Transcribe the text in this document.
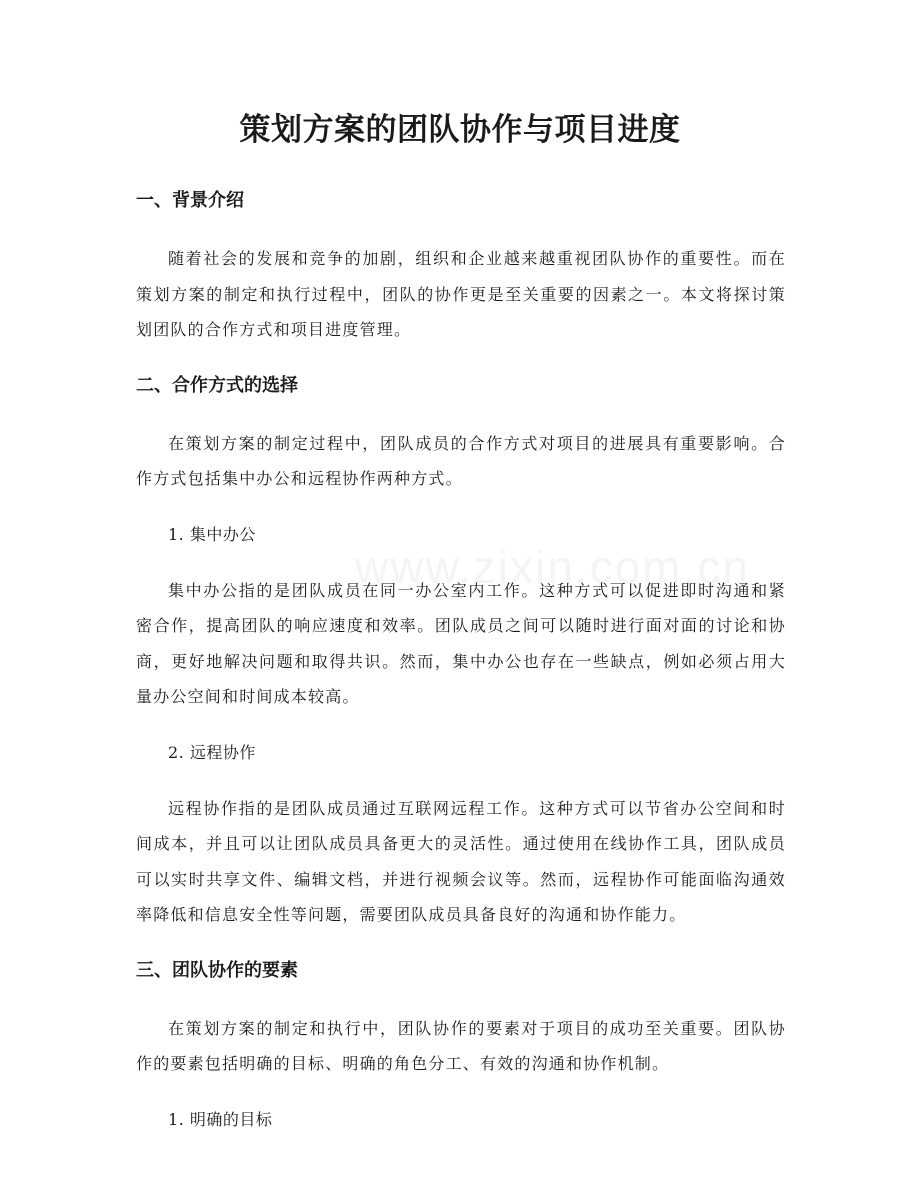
策划方案的团队协作与项目进度
一、背景介绍

随着社会的发展和竞争的加剧，组织和企业越来越重视团队协作的重要性。而在策划方案的制定和执行过程中，团队的协作更是至关重要的因素之一。本文将探讨策划团队的合作方式和项目进度管理。

二、合作方式的选择

在策划方案的制定过程中，团队成员的合作方式对项目的进展具有重要影响。合作方式包括集中办公和远程协作两种方式。

1. 集中办公

集中办公指的是团队成员在同一办公室内工作。这种方式可以促进即时沟通和紧密合作，提高团队的响应速度和效率。团队成员之间可以随时进行面对面的讨论和协商，更好地解决问题和取得共识。然而，集中办公也存在一些缺点，例如必须占用大量办公空间和时间成本较高。

2. 远程协作

远程协作指的是团队成员通过互联网远程工作。这种方式可以节省办公空间和时间成本，并且可以让团队成员具备更大的灵活性。通过使用在线协作工具，团队成员可以实时共享文件、编辑文档，并进行视频会议等。然而，远程协作可能面临沟通效率降低和信息安全性等问题，需要团队成员具备良好的沟通和协作能力。

三、团队协作的要素

在策划方案的制定和执行中，团队协作的要素对于项目的成功至关重要。团队协作的要素包括明确的目标、明确的角色分工、有效的沟通和协作机制。

1. 明确的目标
